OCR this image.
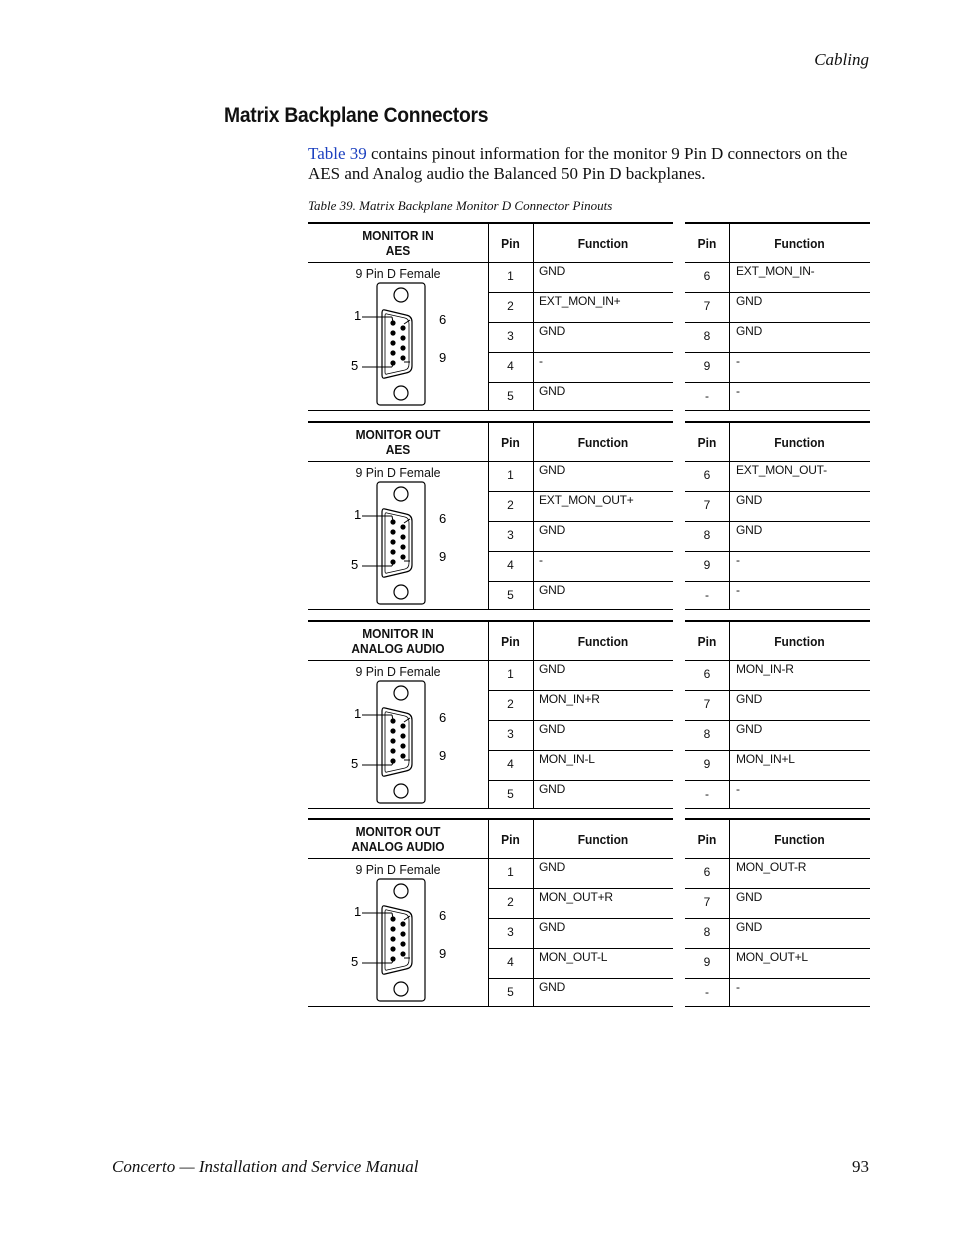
Cabling
Matrix Backplane Connectors
Table 39 contains pinout information for the monitor 9 Pin D connectors on the AES and Analog audio the Balanced 50 Pin D backplanes.
Table 39. Matrix Backplane Monitor D Connector Pinouts
MONITOR IN
AES	Pin	Function
9 Pin D Female
1
5
6
9
1	GND
2	EXT_MON_IN+
3	GND
4	-
5	GND
Pin	Function
6	EXT_MON_IN-
7	GND
8	GND
9	-
-	-
MONITOR OUT
AES	Pin	Function
9 Pin D Female
1
5
6
9
1	GND
2	EXT_MON_OUT+
3	GND
4	-
5	GND
Pin	Function
6	EXT_MON_OUT-
7	GND
8	GND
9	-
-	-
MONITOR IN
ANALOG AUDIO	Pin	Function
9 Pin D Female
1
5
6
9
1	GND
2	MON_IN+R
3	GND
4	MON_IN-L
5	GND
Pin	Function
6	MON_IN-R
7	GND
8	GND
9	MON_IN+L
-	-
MONITOR OUT
ANALOG AUDIO	Pin	Function
9 Pin D Female
1
5
6
9
1	GND
2	MON_OUT+R
3	GND
4	MON_OUT-L
5	GND
Pin	Function
6	MON_OUT-R
7	GND
8	GND
9	MON_OUT+L
-	-
Concerto — Installation and Service Manual	93
